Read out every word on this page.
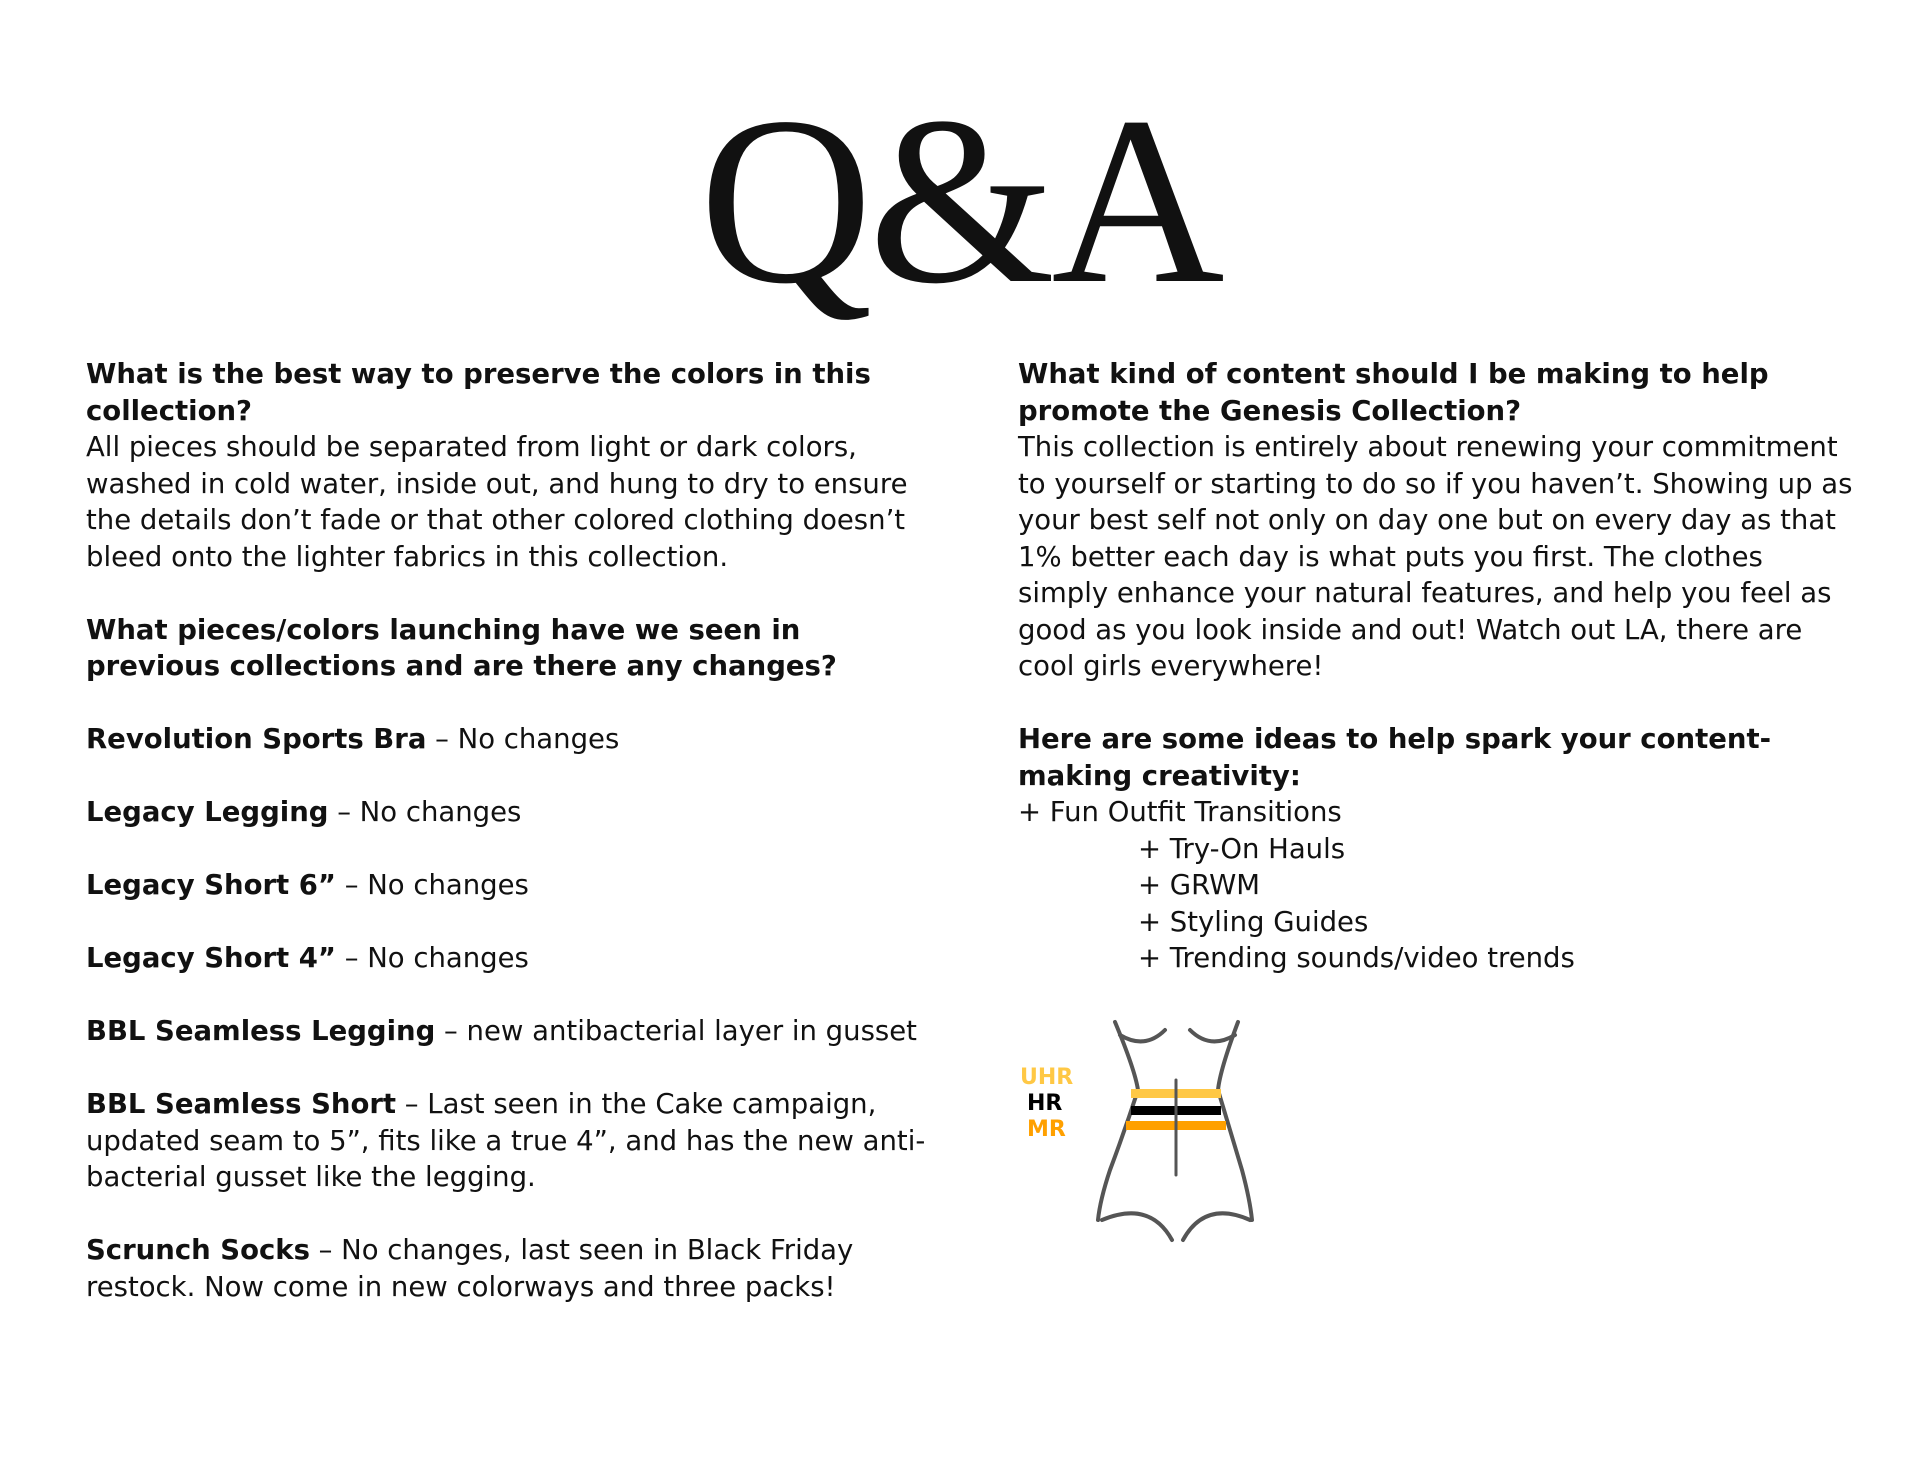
Q&A
What is the best way to preserve the colors in this collection?
All pieces should be separated from light or dark colors, washed in cold water, inside out, and hung to dry to ensure the details don’t fade or that other colored clothing doesn’t bleed onto the lighter fabrics in this collection.
What pieces/colors launching have we seen in previous collections and are there any changes?
Revolution Sports Bra – No changes
Legacy Legging – No changes
Legacy Short 6” – No changes
Legacy Short 4” – No changes
BBL Seamless Legging – new antibacterial layer in gusset
BBL Seamless Short – Last seen in the Cake campaign, updated seam to 5”, fits like a true 4”, and has the new anti-bacterial gusset like the legging.
Scrunch Socks – No changes, last seen in Black Friday restock. Now come in new colorways and three packs!
What kind of content should I be making to help promote the Genesis Collection?
This collection is entirely about renewing your commitment to yourself or starting to do so if you haven’t. Showing up as your best self not only on day one but on every day as that 1% better each day is what puts you first. The clothes simply enhance your natural features, and help you feel as good as you look inside and out! Watch out LA, there are cool girls everywhere!
Here are some ideas to help spark your content-making creativity:
+ Fun Outfit Transitions
+ Try-On Hauls
+ GRWM
+ Styling Guides
+ Trending sounds/video trends
UHR
HR
MR
